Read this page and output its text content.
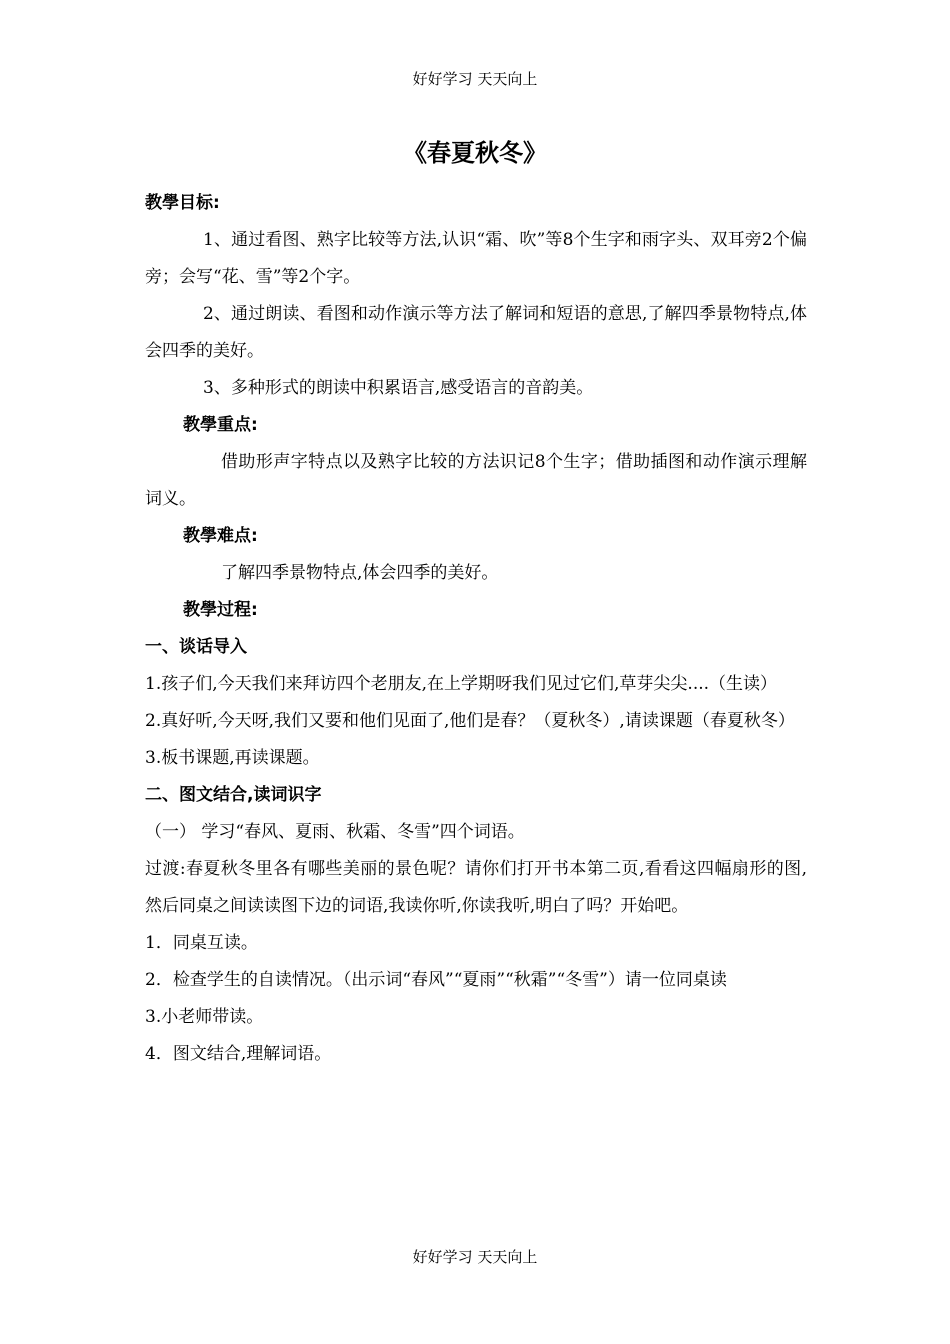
好好学习 天天向上
《春夏秋冬》

教學目标:

1、通过看图、熟字比较等方法,认识“霜、吹”等8个生字和雨字头、双耳旁2个偏旁；会写“花、雪”等2个字。

2、通过朗读、看图和动作演示等方法了解词和短语的意思,了解四季景物特点,体会四季的美好。

3、多种形式的朗读中积累语言,感受语言的音韵美。

教學重点:

借助形声字特点以及熟字比较的方法识记8个生字；借助插图和动作演示理解词义。

教學难点:

了解四季景物特点,体会四季的美好。

教學过程:

一、谈话导入

1.孩子们,今天我们来拜访四个老朋友,在上学期呀我们见过它们,草芽尖尖....（生读）

2.真好听,今天呀,我们又要和他们见面了,他们是春？（夏秋冬）,请读课题（春夏秋冬）

3.板书课题,再读课题。

二、图文结合,读词识字

（一） 学习“春风、夏雨、秋霜、冬雪”四个词语。

过渡:春夏秋冬里各有哪些美丽的景色呢？请你们打开书本第二页,看看这四幅扇形的图,然后同桌之间读读图下边的词语,我读你听,你读我听,明白了吗？开始吧。

1．同桌互读。

2．检查学生的自读情况。（出示词“春风”“夏雨”“秋霜”“冬雪”）请一位同桌读

3.小老师带读。

4．图文结合,理解词语。

好好学习 天天向上
